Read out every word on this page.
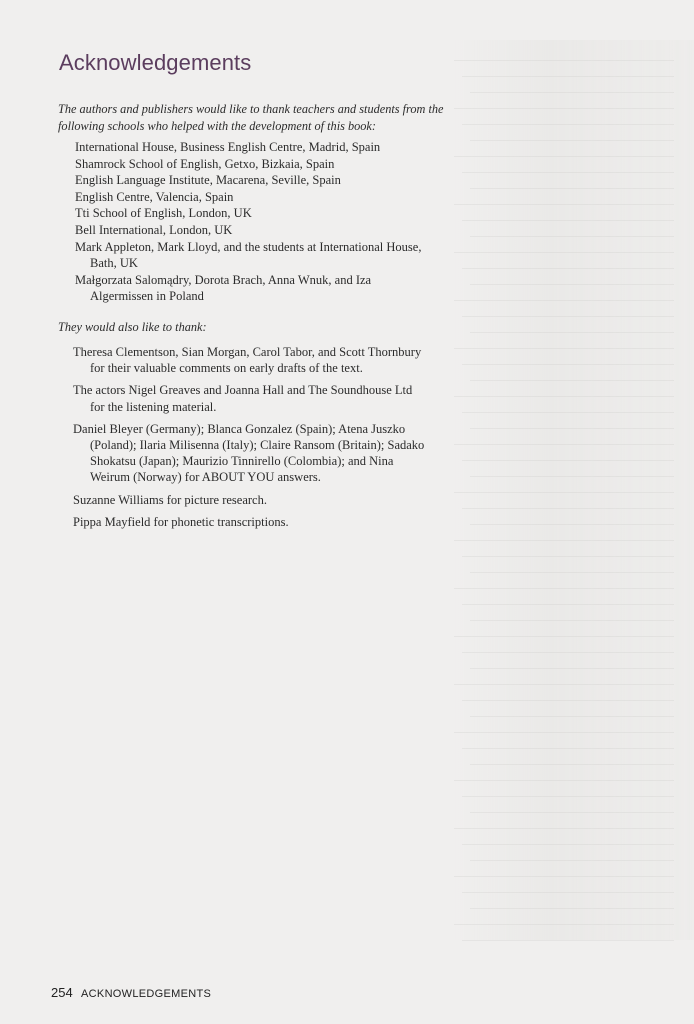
Acknowledgements
The authors and publishers would like to thank teachers and students from the
following schools who helped with the development of this book:
International House, Business English Centre, Madrid, Spain
Shamrock School of English, Getxo, Bizkaia, Spain
English Language Institute, Macarena, Seville, Spain
English Centre, Valencia, Spain
Tti School of English, London, UK
Bell International, London, UK
Mark Appleton, Mark Lloyd, and the students at International House,
Bath, UK
Małgorzata Salomądry, Dorota Brach, Anna Wnuk, and Iza
Algermissen in Poland
They would also like to thank:
Theresa Clementson, Sian Morgan, Carol Tabor, and Scott Thornbury
for their valuable comments on early drafts of the text.
The actors Nigel Greaves and Joanna Hall and The Soundhouse Ltd
for the listening material.
Daniel Bleyer (Germany); Blanca Gonzalez (Spain); Atena Juszko
(Poland); Ilaria Milisenna (Italy); Claire Ransom (Britain); Sadako
Shokatsu (Japan); Maurizio Tinnirello (Colombia); and Nina
Weirum (Norway) for ABOUT YOU answers.
Suzanne Williams for picture research.
Pippa Mayfield for phonetic transcriptions.
254 ACKNOWLEDGEMENTS
